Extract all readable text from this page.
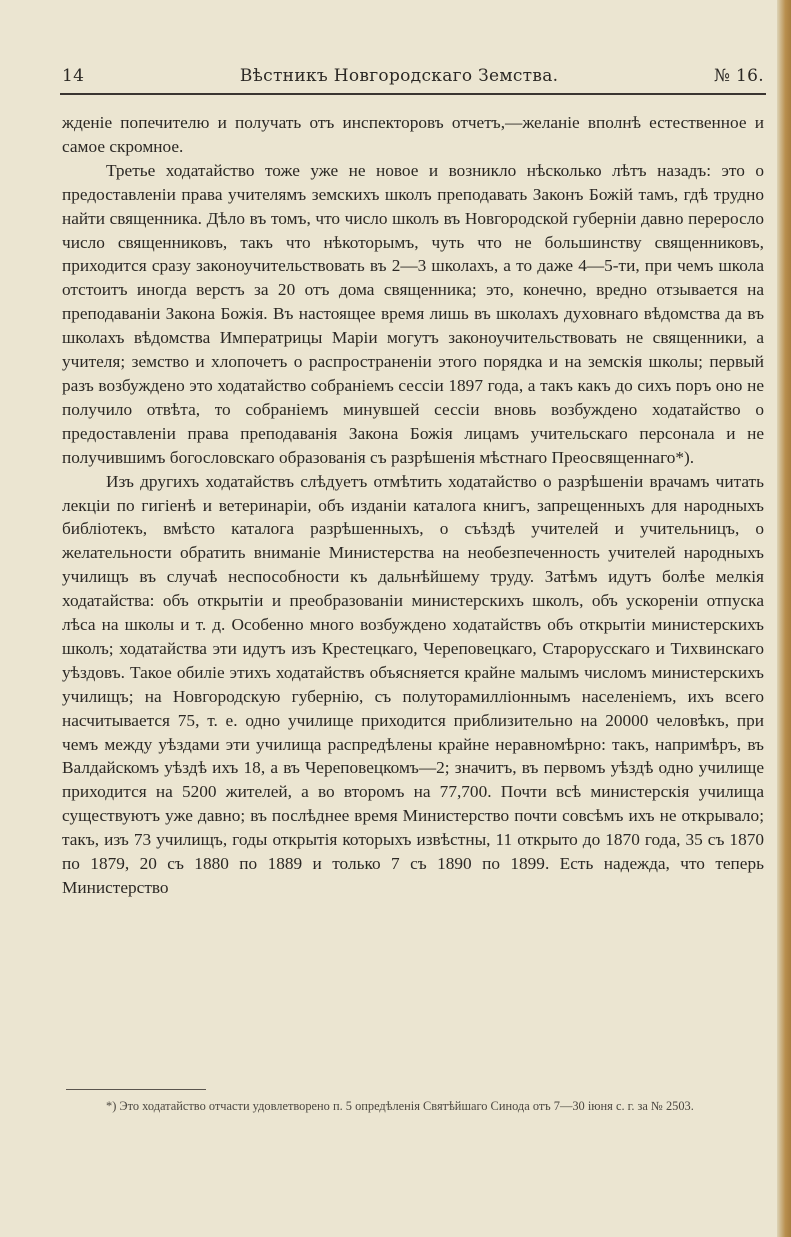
14	Вѣстникъ Новгородскаго Земства.	№ 16.

жденіе попечителю и получать отъ инспекторовъ отчетъ,—желаніе вполнѣ естественное и самое скромное.

Третье ходатайство тоже уже не новое и возникло нѣсколько лѣтъ назадъ: это о предоставленіи права учителямъ земскихъ школъ преподавать Законъ Божій тамъ, гдѣ трудно найти священника. Дѣло въ томъ, что число школъ въ Новгородской губерніи давно переросло число священниковъ, такъ что нѣкоторымъ, чуть что не большинству священниковъ, приходится сразу законоучительствовать въ 2—3 школахъ, а то даже 4—5-ти, при чемъ школа отстоитъ иногда верстъ за 20 отъ дома священника; это, конечно, вредно отзывается на преподаваніи Закона Божія. Въ настоящее время лишь въ школахъ духовнаго вѣдомства да въ школахъ вѣдомства Императрицы Маріи могутъ законоучительствовать не священники, а учителя; земство и хлопочетъ о распространеніи этого порядка и на земскія школы; первый разъ возбуждено это ходатайство собраніемъ сессіи 1897 года, а такъ какъ до сихъ поръ оно не получило отвѣта, то собраніемъ минувшей сессіи вновь возбуждено ходатайство о предоставленіи права преподаванія Закона Божія лицамъ учительскаго персонала и не получившимъ богословскаго образованія съ разрѣшенія мѣстнаго Преосвященнаго*).

Изъ другихъ ходатайствъ слѣдуетъ отмѣтить ходатайство о разрѣшеніи врачамъ читать лекціи по гигіенѣ и ветеринаріи, объ изданіи каталога книгъ, запрещенныхъ для народныхъ библіотекъ, вмѣсто каталога разрѣшенныхъ, о съѣздѣ учителей и учительницъ, о желательности обратить вниманіе Министерства на необезпеченность учителей народныхъ училищъ въ случаѣ неспособности къ дальнѣйшему труду. Затѣмъ идутъ болѣе мелкія ходатайства: объ открытіи и преобразованіи министерскихъ школъ, объ ускореніи отпуска лѣса на школы и т. д. Особенно много возбуждено ходатайствъ объ открытіи министерскихъ школъ; ходатайства эти идутъ изъ Крестецкаго, Череповецкаго, Старорусскаго и Тихвинскаго уѣздовъ. Такое обиліе этихъ ходатайствъ объясняется крайне малымъ числомъ министерскихъ училищъ; на Новгородскую губернію, съ полуторамилліоннымъ населеніемъ, ихъ всего насчитывается 75, т. е. одно училище приходится приблизительно на 20000 человѣкъ, при чемъ между уѣздами эти училища распредѣлены крайне неравномѣрно: такъ, напримѣръ, въ Валдайскомъ уѣздѣ ихъ 18, а въ Череповецкомъ—2; значитъ, въ первомъ уѣздѣ одно училище приходится на 5200 жителей, а во второмъ на 77,700. Почти всѣ министерскія училища существуютъ уже давно; въ послѣднее время Министерство почти совсѣмъ ихъ не открывало; такъ, изъ 73 училищъ, годы открытія которыхъ извѣстны, 11 открыто до 1870 года, 35 съ 1870 по 1879, 20 съ 1880 по 1889 и только 7 съ 1890 по 1899. Есть надежда, что теперь Министерство

*) Это ходатайство отчасти удовлетворено п. 5 опредѣленія Святѣйшаго Синода отъ 7—30 іюня с. г. за № 2503.
